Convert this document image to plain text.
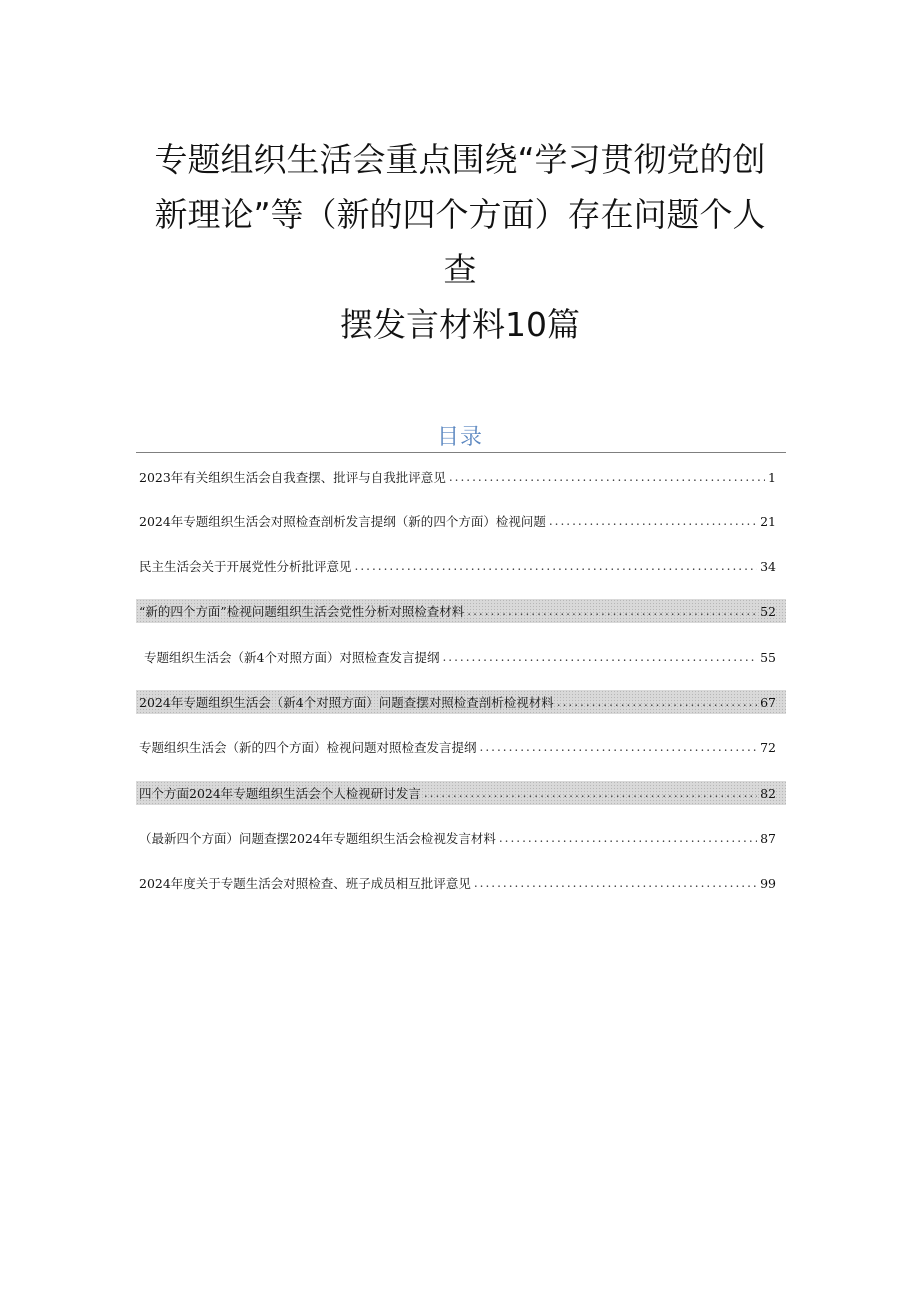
专题组织生活会重点围绕“学习贯彻党的创
新理论”等（新的四个方面）存在问题个人
查
摆发言材料10篇
目录
2023年有关组织生活会自我查摆、批评与自我批评意见 .....	1
2024年专题组织生活会对照检查剖析发言提纲（新的四个方面）检视问题 .....	21
民主生活会关于开展党性分析批评意见 .....	34
“新的四个方面”检视问题组织生活会党性分析对照检查材料 .....	52
专题组织生活会（新4个对照方面）对照检查发言提纲 .....	55
2024年专题组织生活会（新4个对照方面）问题查摆对照检查剖析检视材料 .....	67
专题组织生活会（新的四个方面）检视问题对照检查发言提纲 .....	72
四个方面2024年专题组织生活会个人检视研讨发言 .....	82
（最新四个方面）问题查摆2024年专题组织生活会检视发言材料 .....	87
2024年度关于专题生活会对照检查、班子成员相互批评意见 .....	99
